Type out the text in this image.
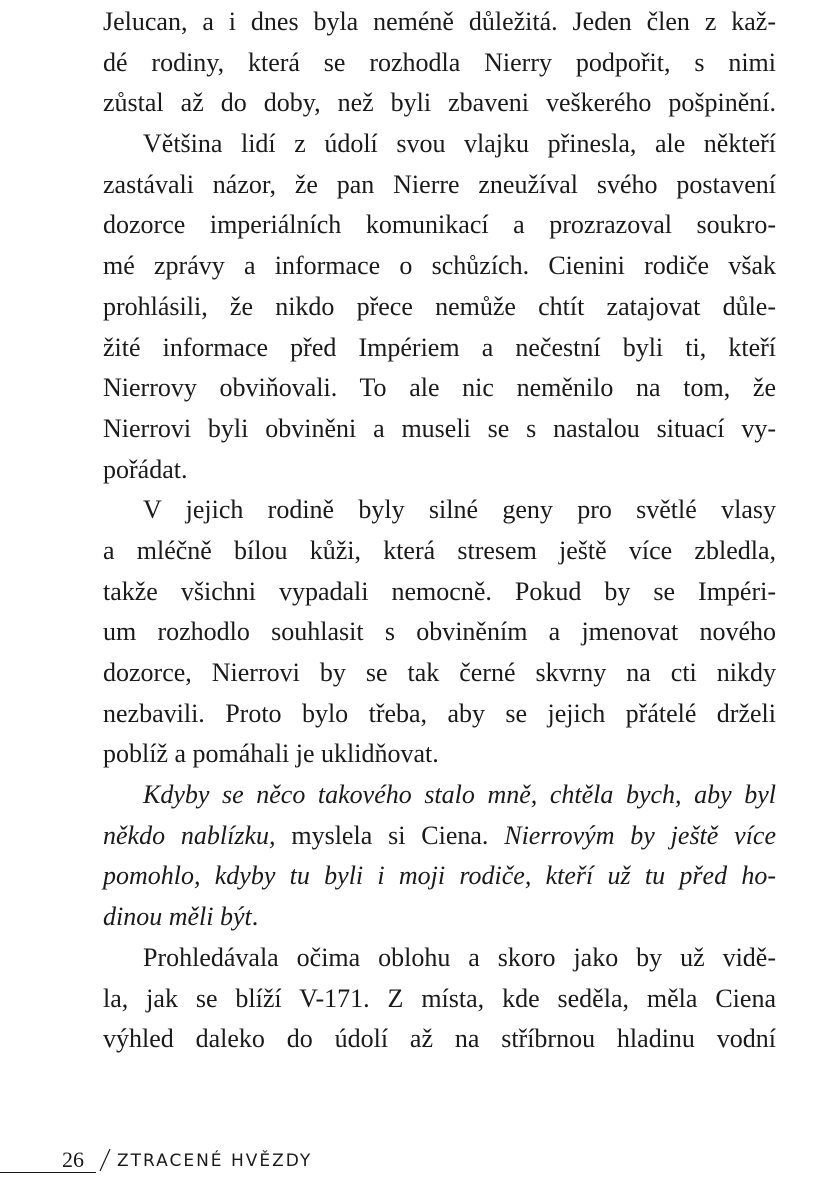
Jelucan, a i dnes byla neméně důležitá. Jeden člen z kaž-
dé rodiny, která se rozhodla Nierry podpořit, s nimi
zůstal až do doby, než byli zbaveni veškerého pošpinění.
Většina lidí z údolí svou vlajku přinesla, ale někteří
zastávali názor, že pan Nierre zneužíval svého postavení
dozorce imperiálních komunikací a prozrazoval soukro-
mé zprávy a informace o schůzích. Cienini rodiče však
prohlásili, že nikdo přece nemůže chtít zatajovat důle-
žité informace před Impériem a nečestní byli ti, kteří
Nierrovy obviňovali. To ale nic neměnilo na tom, že
Nierrovi byli obviněni a museli se s nastalou situací vy-
pořádat.
V jejich rodině byly silné geny pro světlé vlasy
a mléčně bílou kůži, která stresem ještě více zbledla,
takže všichni vypadali nemocně. Pokud by se Impéri-
um rozhodlo souhlasit s obviněním a jmenovat nového
dozorce, Nierrovi by se tak černé skvrny na cti nikdy
nezbavili. Proto bylo třeba, aby se jejich přátelé drželi
poblíž a pomáhali je uklidňovat.
Kdyby se něco takového stalo mně, chtěla bych, aby byl
někdo nablízku, myslela si Ciena. Nierrovým by ještě více
pomohlo, kdyby tu byli i moji rodiče, kteří už tu před ho-
dinou měli být.
Prohledávala očima oblohu a skoro jako by už vidě-
la, jak se blíží V-171. Z místa, kde seděla, měla Ciena
výhled daleko do údolí až na stříbrnou hladinu vodní
26 ZTRACENÉ HVĚZDY
